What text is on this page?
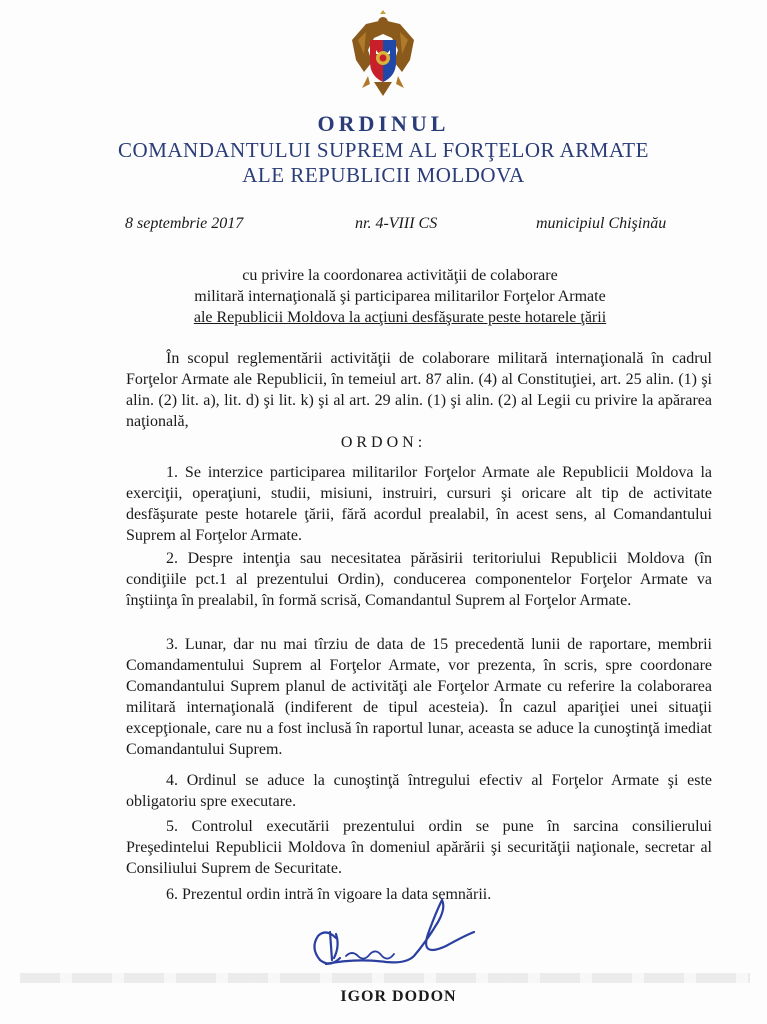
ORDINUL
COMANDANTULUI SUPREM AL FORŢELOR ARMATE
ALE REPUBLICII MOLDOVA
8 septembrie 2017	nr. 4-VIII CS	municipiul Chişinău
cu privire la coordonarea activităţii de colaborare
militară internaţională şi participarea militarilor Forţelor Armate
ale Republicii Moldova la acţiuni desfăşurate peste hotarele ţării
În scopul reglementării activităţii de colaborare militară internaţională în cadrul Forţelor Armate ale Republicii, în temeiul art. 87 alin. (4) al Constituţiei, art. 25 alin. (1) şi alin. (2) lit. a), lit. d) şi lit. k) şi al art. 29 alin. (1) şi alin. (2) al Legii cu privire la apărarea naţională,
ORDON:
1. Se interzice participarea militarilor Forţelor Armate ale Republicii Moldova la exerciţii, operaţiuni, studii, misiuni, instruiri, cursuri şi oricare alt tip de activitate desfăşurate peste hotarele ţării, fără acordul prealabil, în acest sens, al Comandantului Suprem al Forţelor Armate.
2. Despre intenţia sau necesitatea părăsirii teritoriului Republicii Moldova (în condiţiile pct.1 al prezentului Ordin), conducerea componentelor Forţelor Armate va înştiinţa în prealabil, în formă scrisă, Comandantul Suprem al Forţelor Armate.
3. Lunar, dar nu mai tîrziu de data de 15 precedentă lunii de raportare, membrii Comandamentului Suprem al Forţelor Armate, vor prezenta, în scris, spre coordonare Comandantului Suprem planul de activităţi ale Forţelor Armate cu referire la colaborarea militară internaţională (indiferent de tipul acesteia). În cazul apariţiei unei situaţii excepţionale, care nu a fost inclusă în raportul lunar, aceasta se aduce la cunoştinţă imediat Comandantului Suprem.
4. Ordinul se aduce la cunoştinţă întregului efectiv al Forţelor Armate şi este obligatoriu spre executare.
5. Controlul executării prezentului ordin se pune în sarcina consilierului Preşedintelui Republicii Moldova în domeniul apărării şi securităţii naţionale, secretar al Consiliului Suprem de Securitate.
6. Prezentul ordin intră în vigoare la data semnării.
IGOR DODON
